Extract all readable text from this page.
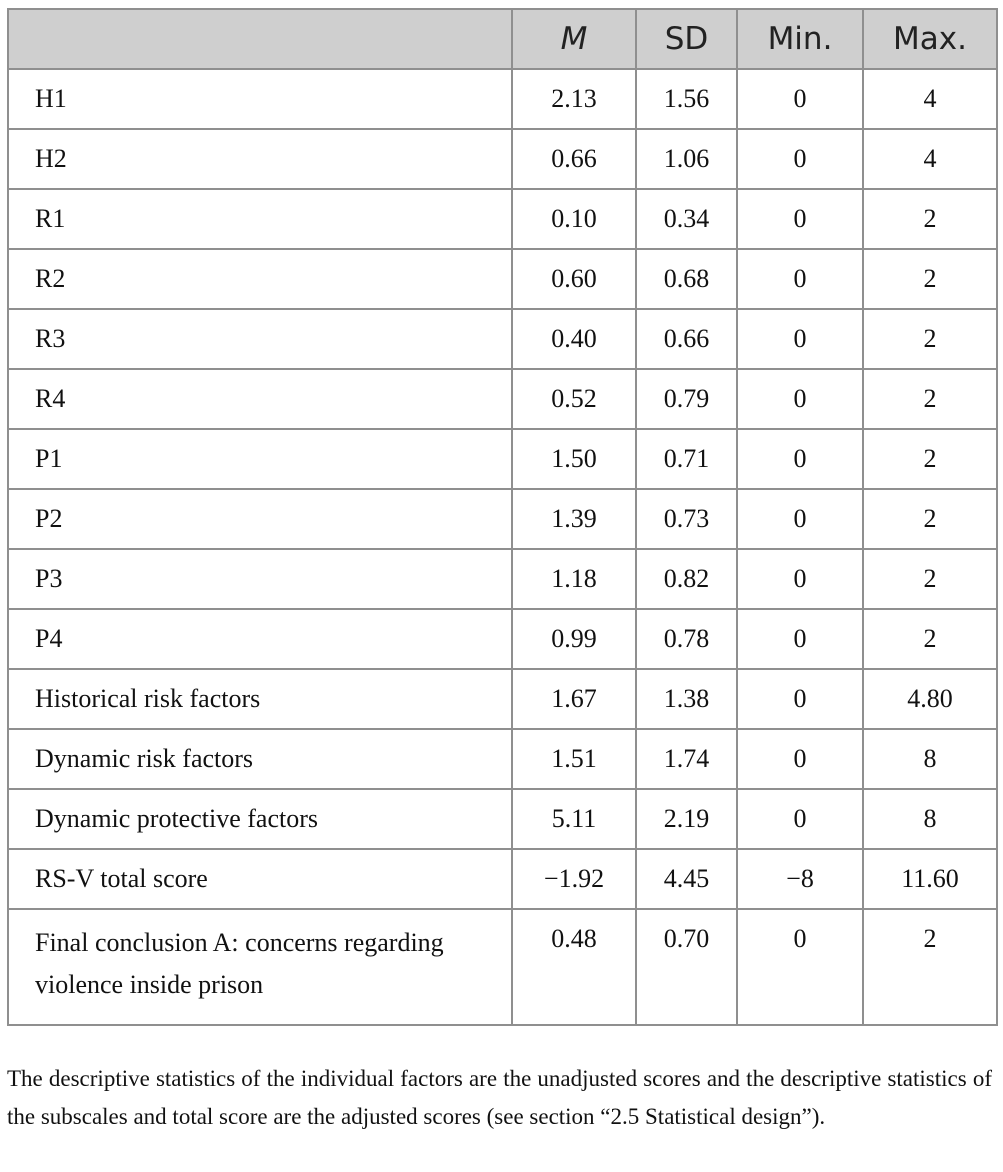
	M	SD	Min.	Max.
H1	2.13	1.56	0	4
H2	0.66	1.06	0	4
R1	0.10	0.34	0	2
R2	0.60	0.68	0	2
R3	0.40	0.66	0	2
R4	0.52	0.79	0	2
P1	1.50	0.71	0	2
P2	1.39	0.73	0	2
P3	1.18	0.82	0	2
P4	0.99	0.78	0	2
Historical risk factors	1.67	1.38	0	4.80
Dynamic risk factors	1.51	1.74	0	8
Dynamic protective factors	5.11	2.19	0	8
RS-V total score	−1.92	4.45	−8	11.60
Final conclusion A: concerns regarding violence inside prison	0.48	0.70	0	2

The descriptive statistics of the individual factors are the unadjusted scores and the descriptive statistics of the subscales and total score are the adjusted scores (see section “2.5 Statistical design”).
